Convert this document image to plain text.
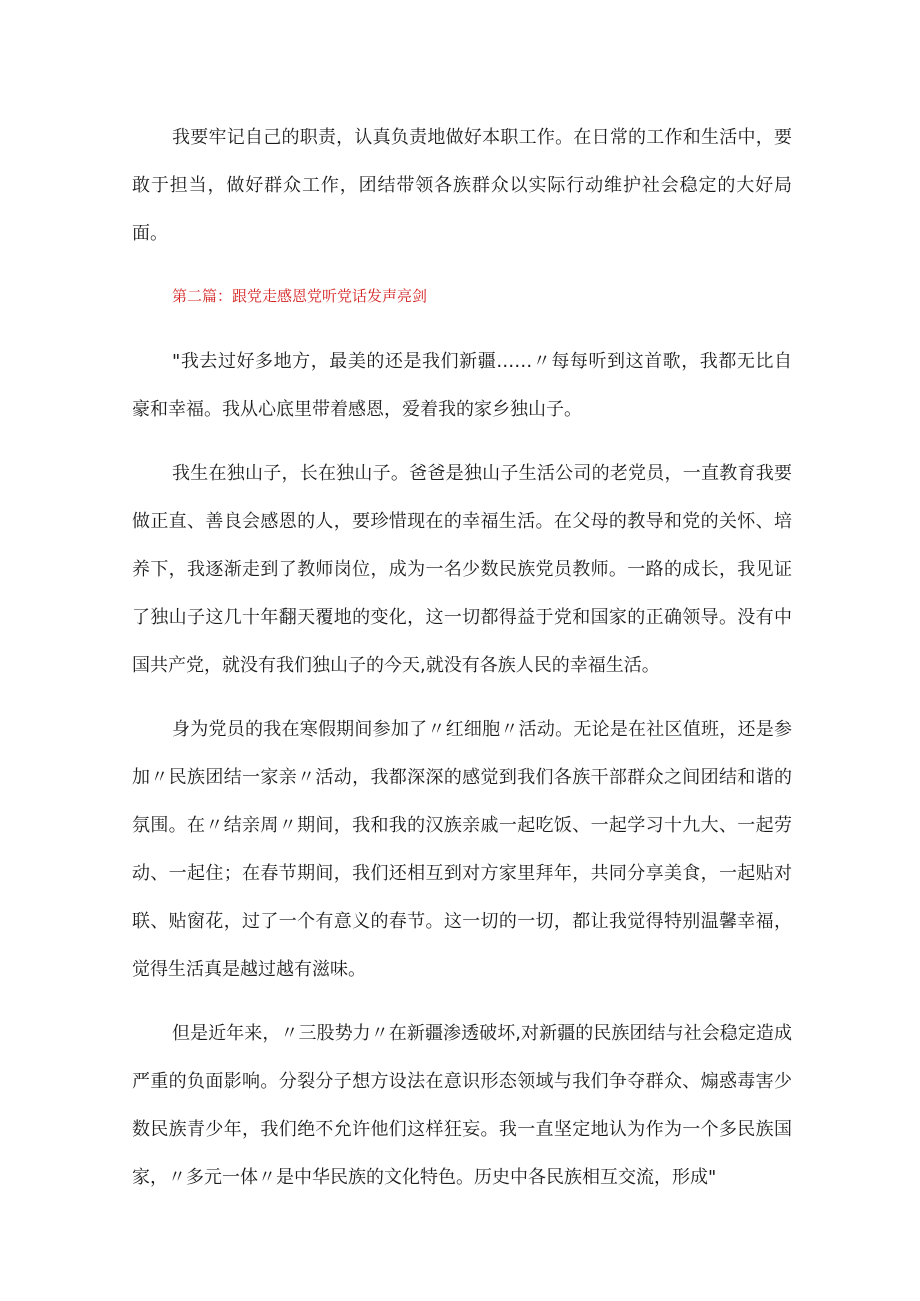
我要牢记自己的职责，认真负责地做好本职工作。在日常的工作和生活中，要敢于担当，做好群众工作，团结带领各族群众以实际行动维护社会稳定的大好局面。

第二篇：跟党走感恩党听党话发声亮剑

"我去过好多地方，最美的还是我们新疆……〃每每听到这首歌，我都无比自豪和幸福。我从心底里带着感恩，爱着我的家乡独山子。

我生在独山子，长在独山子。爸爸是独山子生活公司的老党员，一直教育我要做正直、善良会感恩的人，要珍惜现在的幸福生活。在父母的教导和党的关怀、培养下，我逐渐走到了教师岗位，成为一名少数民族党员教师。一路的成长，我见证了独山子这几十年翻天覆地的变化，这一切都得益于党和国家的正确领导。没有中国共产党，就没有我们独山子的今天,就没有各族人民的幸福生活。

身为党员的我在寒假期间参加了〃红细胞〃活动。无论是在社区值班，还是参加〃民族团结一家亲〃活动，我都深深的感觉到我们各族干部群众之间团结和谐的氛围。在〃结亲周〃期间，我和我的汉族亲戚一起吃饭、一起学习十九大、一起劳动、一起住；在春节期间，我们还相互到对方家里拜年，共同分享美食，一起贴对联、贴窗花，过了一个有意义的春节。这一切的一切，都让我觉得特别温馨幸福，觉得生活真是越过越有滋味。

但是近年来，〃三股势力〃在新疆渗透破坏,对新疆的民族团结与社会稳定造成严重的负面影响。分裂分子想方设法在意识形态领域与我们争夺群众、煽惑毒害少数民族青少年，我们绝不允许他们这样狂妄。我一直坚定地认为作为一个多民族国家，〃多元一体〃是中华民族的文化特色。历史中各民族相互交流，形成"
